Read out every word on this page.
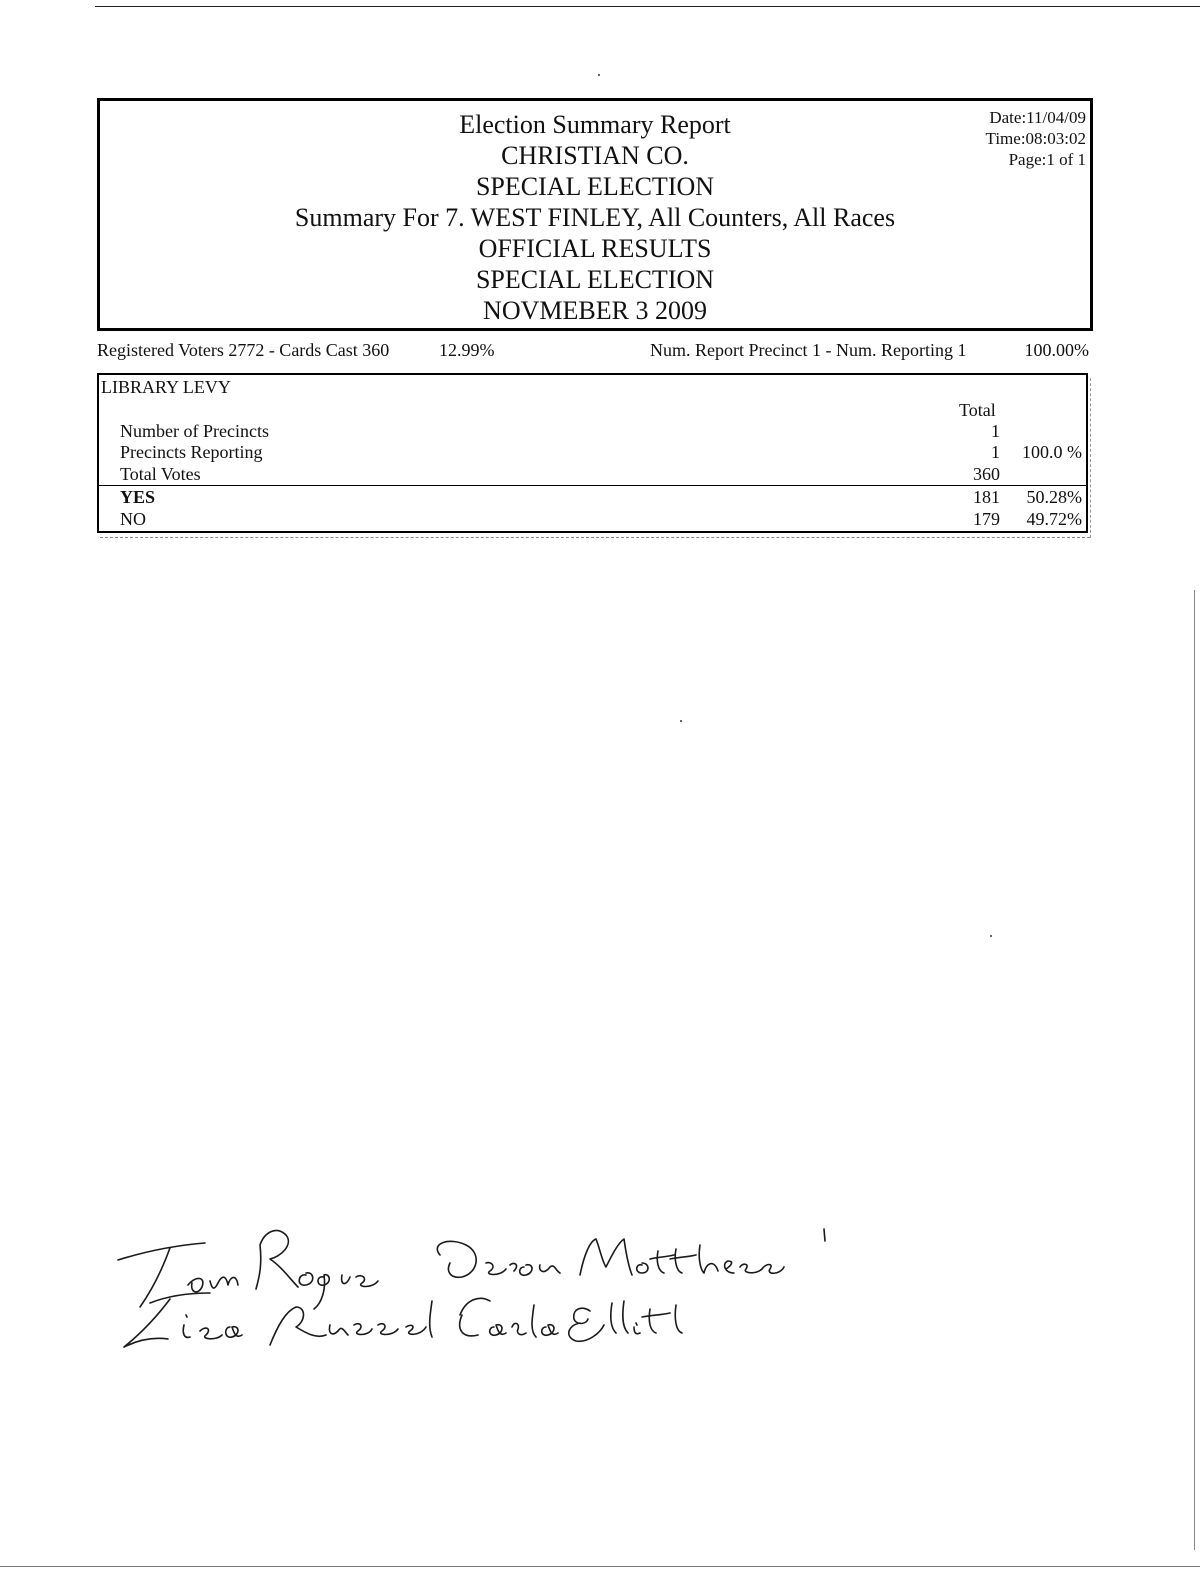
Election Summary Report
CHRISTIAN CO.
SPECIAL ELECTION
Summary For 7. WEST FINLEY, All Counters, All Races
OFFICIAL RESULTS
SPECIAL ELECTION
NOVMEBER 3 2009
Date:11/04/09
Time:08:03:02
Page:1 of 1
Registered Voters 2772 - Cards Cast 360	12.99%	Num. Report Precinct 1 - Num. Reporting 1	100.00%
LIBRARY LEVY
Total
Number of Precincts	1
Precincts Reporting	1 100.0 %
Total Votes	360
YES	181 50.28%
NO	179 49.72%
